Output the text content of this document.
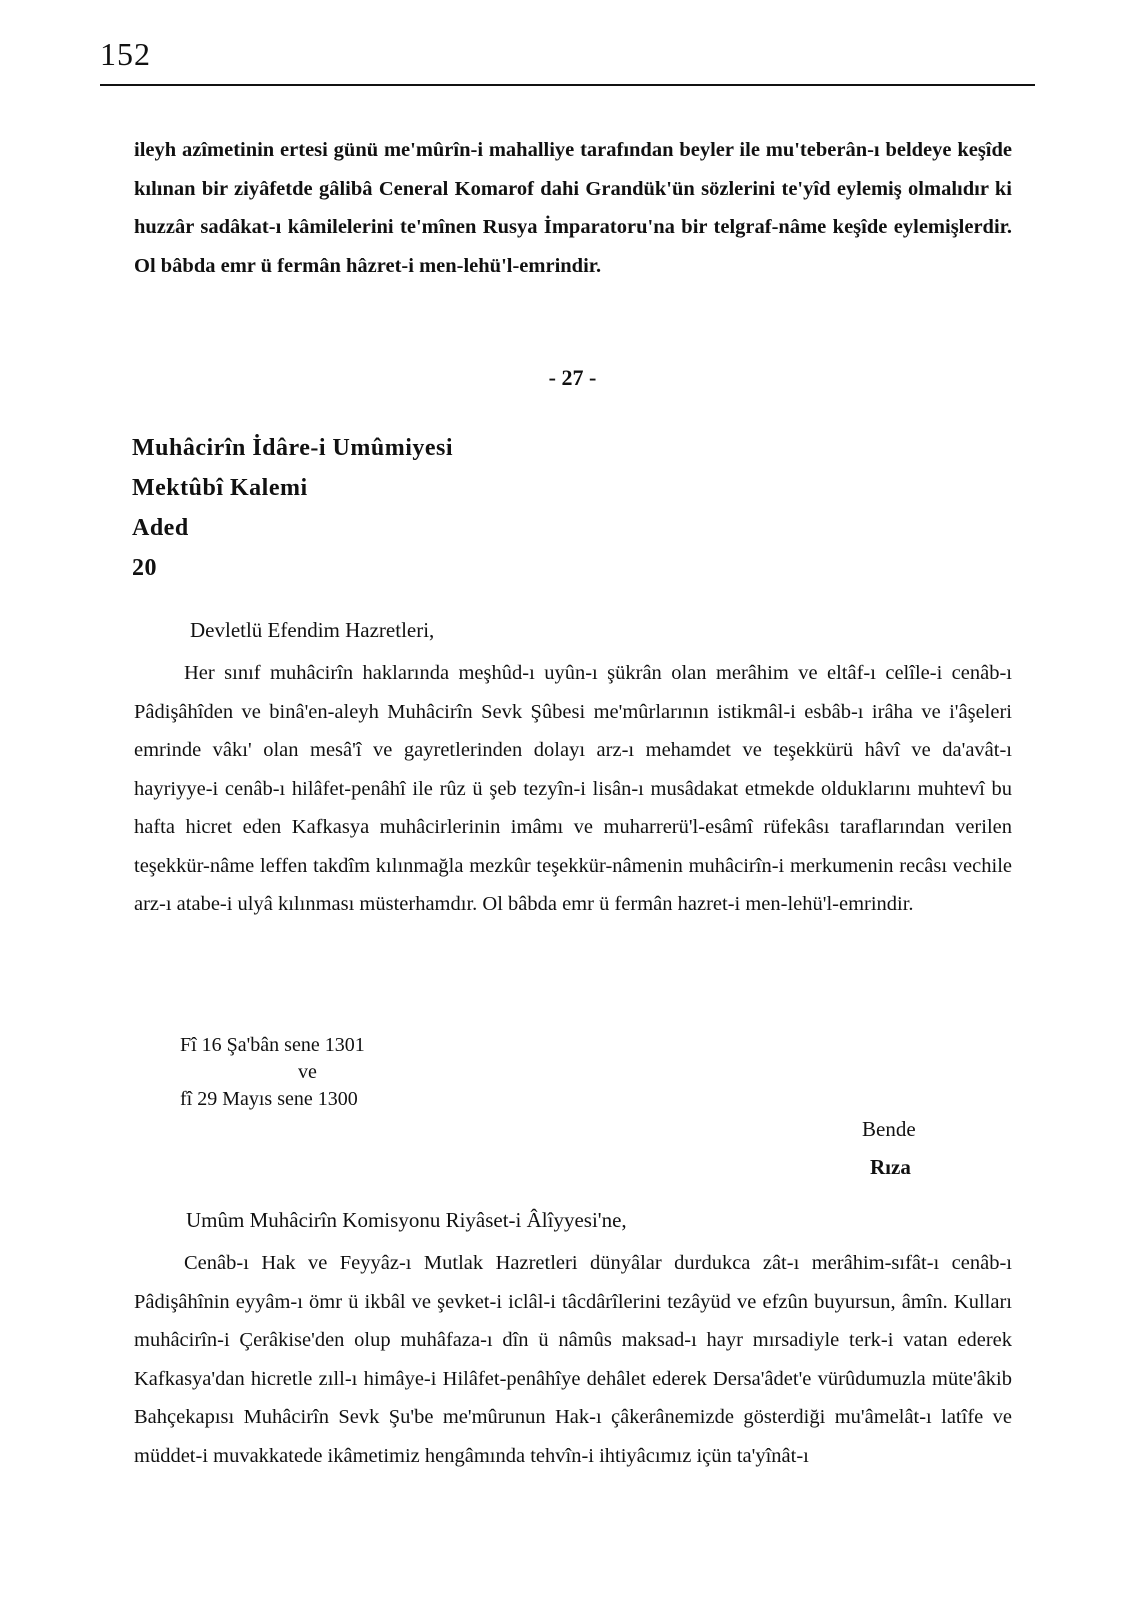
152

ileyh azîmetinin ertesi günü me'mûrîn-i mahalliye tarafından beyler ile mu'teberân-ı beldeye keşîde kılınan bir ziyâfetde gâlibâ Ceneral Komarof dahi Grandük'ün sözlerini te'yîd eylemiş olmalıdır ki huzzâr sadâkat-ı kâmilelerini te'mînen Rusya İmparatoru'na bir telgraf-nâme keşîde eylemişlerdir. Ol bâbda emr ü fermân hâzret-i men-lehü'l-emrindir.

- 27 -
Muhâcirîn İdâre-i Umûmiyesi
Mektûbî Kalemi
Aded
20
Devletlü Efendim Hazretleri,

Her sınıf muhâcirîn haklarında meşhûd-ı uyûn-ı şükrân olan merâhim ve eltâf-ı celîle-i cenâb-ı Pâdişâhîden ve binâ'en-aleyh Muhâcirîn Sevk Şûbesi me'mûrlarının istikmâl-i esbâb-ı irâha ve i'âşeleri emrinde vâkı' olan mesâ'î ve gayretlerinden dolayı arz-ı mehamdet ve teşekkürü hâvî ve da'avât-ı hayriyye-i cenâb-ı hilâfet-penâhî ile rûz ü şeb tezyîn-i lisân-ı musâdakat etmekde olduklarını muhtevî bu hafta hicret eden Kafkasya muhâcirlerinin imâmı ve muharrerü'l-esâmî rüfekâsı taraflarından verilen teşekkür-nâme leffen takdîm kılınmağla mezkûr teşekkür-nâmenin muhâcirîn-i merkumenin recâsı vechile arz-ı atabe-i ulyâ kılınması müsterhamdır. Ol bâbda emr ü fermân hazret-i men-lehü'l-emrindir.

Fî 16 Şa'bân sene 1301
ve
fî 29 Mayıs sene 1300
Bende
Rıza
Umûm Muhâcirîn Komisyonu Riyâset-i Âlîyyesi'ne,

Cenâb-ı Hak ve Feyyâz-ı Mutlak Hazretleri dünyâlar durdukca zât-ı merâhim-sıfât-ı cenâb-ı Pâdişâhînin eyyâm-ı ömr ü ikbâl ve şevket-i iclâl-i tâcdârîlerini tezâyüd ve efzûn buyursun, âmîn. Kulları muhâcirîn-i Çerâkise'den olup muhâfaza-ı dîn ü nâmûs maksad-ı hayr mırsadiyle terk-i vatan ederek Kafkasya'dan hicretle zıll-ı himâye-i Hilâfet-penâhîye dehâlet ederek Dersa'âdet'e vürûdumuzla müte'âkib Bahçekapısı Muhâcirîn Sevk Şu'be me'mûrunun Hak-ı çâkerânemizde gösterdiği mu'âmelât-ı latîfe ve müddet-i muvakkatede ikâmetimiz hengâmında tehvîn-i ihtiyâcımız içün ta'yînât-ı
